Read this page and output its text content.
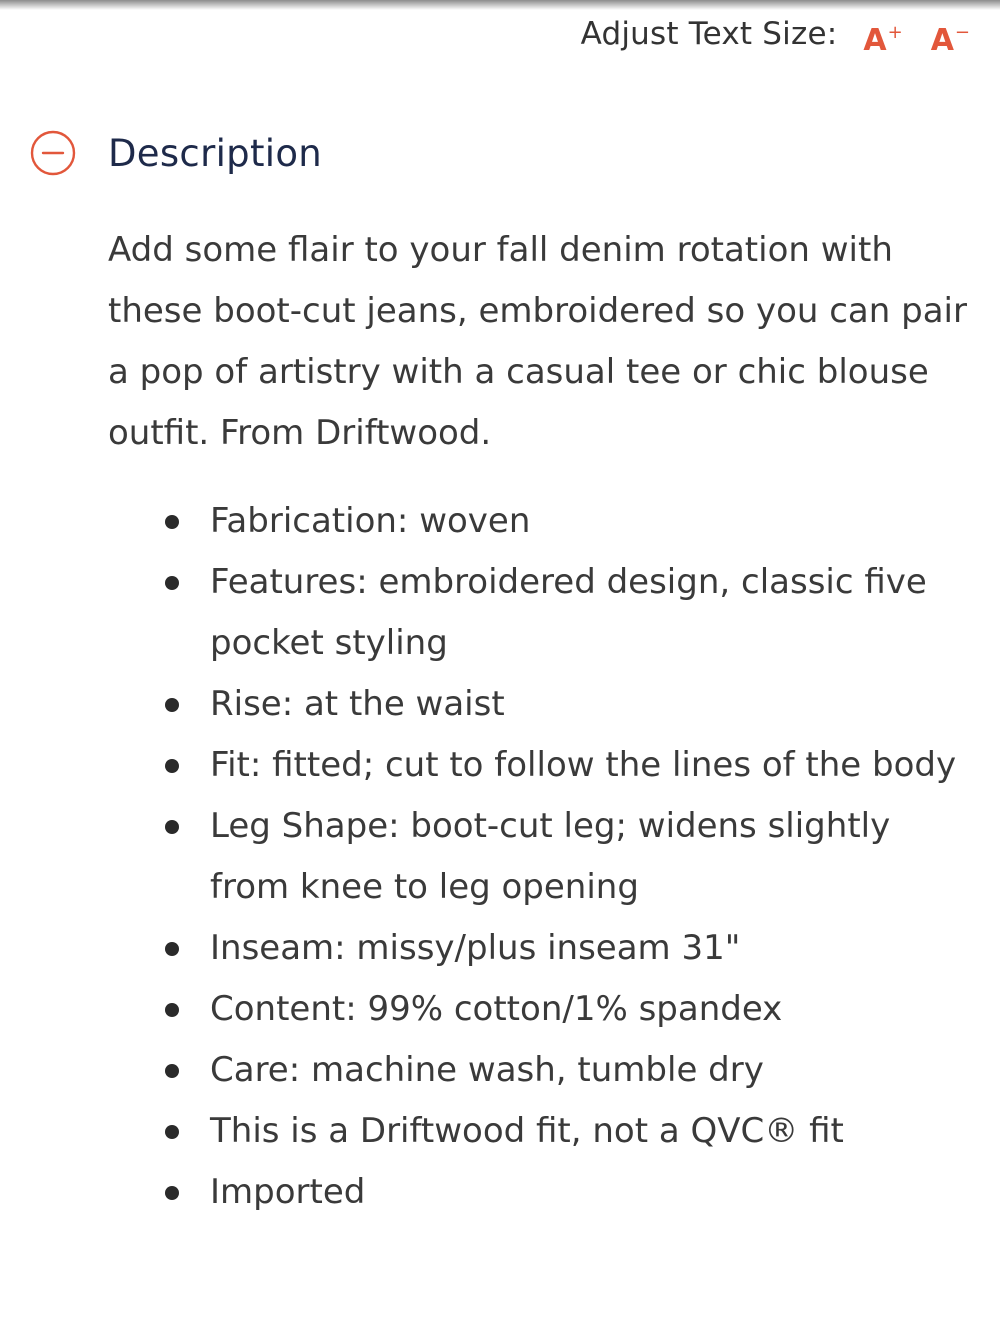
Adjust Text Size: A + A −
Description

Add some flair to your fall denim rotation with these boot-cut jeans, embroidered so you can pair a pop of artistry with a casual tee or chic blouse outfit. From Driftwood.

Fabrication: woven
Features: embroidered design, classic five pocket styling
Rise: at the waist
Fit: fitted; cut to follow the lines of the body
Leg Shape: boot-cut leg; widens slightly from knee to leg opening
Inseam: missy/plus inseam 31"
Content: 99% cotton/1% spandex
Care: machine wash, tumble dry
This is a Driftwood fit, not a QVC® fit
Imported
